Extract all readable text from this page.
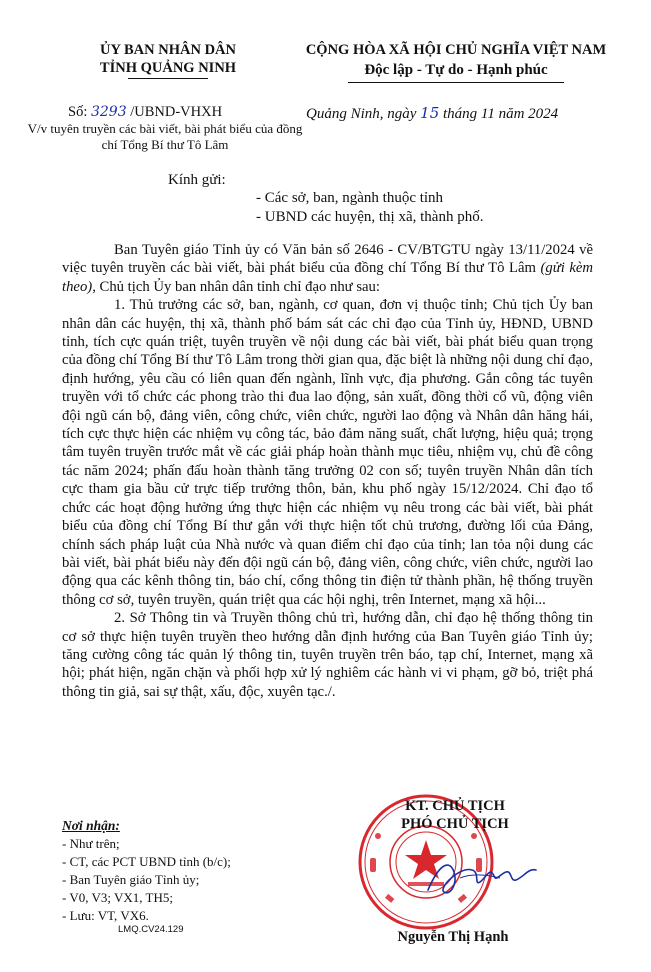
ỦY BAN NHÂN DÂN
TỈNH QUẢNG NINH
CỘNG HÒA XÃ HỘI CHỦ NGHĨA VIỆT NAM
Độc lập - Tự do - Hạnh phúc
Số: 3293 /UBND-VHXH
V/v tuyên truyền các bài viết, bài phát biểu của đồng chí Tổng Bí thư Tô Lâm
Quảng Ninh, ngày 15 tháng 11 năm 2024
Kính gửi:
- Các sở, ban, ngành thuộc tỉnh
- UBND các huyện, thị xã, thành phố.

Ban Tuyên giáo Tỉnh ủy có Văn bản số 2646 - CV/BTGTU ngày 13/11/2024 về việc tuyên truyền các bài viết, bài phát biểu của đồng chí Tổng Bí thư Tô Lâm (gửi kèm theo), Chủ tịch Ủy ban nhân dân tỉnh chỉ đạo như sau:

1. Thủ trưởng các sở, ban, ngành, cơ quan, đơn vị thuộc tỉnh; Chủ tịch Ủy ban nhân dân các huyện, thị xã, thành phố bám sát các chỉ đạo của Tỉnh ủy, HĐND, UBND tỉnh, tích cực quán triệt, tuyên truyền về nội dung các bài viết, bài phát biểu quan trọng của đồng chí Tổng Bí thư Tô Lâm trong thời gian qua, đặc biệt là những nội dung chỉ đạo, định hướng, yêu cầu có liên quan đến ngành, lĩnh vực, địa phương. Gắn công tác tuyên truyền với tổ chức các phong trào thi đua lao động, sản xuất, đồng thời cổ vũ, động viên đội ngũ cán bộ, đảng viên, công chức, viên chức, người lao động và Nhân dân hăng hái, tích cực thực hiện các nhiệm vụ công tác, bảo đảm năng suất, chất lượng, hiệu quả; trọng tâm tuyên truyền trước mắt về các giải pháp hoàn thành mục tiêu, nhiệm vụ, chủ đề công tác năm 2024; phấn đấu hoàn thành tăng trưởng 02 con số; tuyên truyền Nhân dân tích cực tham gia bầu cử trực tiếp trưởng thôn, bản, khu phố ngày 15/12/2024. Chỉ đạo tổ chức các hoạt động hưởng ứng thực hiện các nhiệm vụ nêu trong các bài viết, bài phát biểu của đồng chí Tổng Bí thư gắn với thực hiện tốt chủ trương, đường lối của Đảng, chính sách pháp luật của Nhà nước và quan điểm chỉ đạo của tỉnh; lan tỏa nội dung các bài viết, bài phát biểu này đến đội ngũ cán bộ, đảng viên, công chức, viên chức, người lao động qua các kênh thông tin, báo chí, cổng thông tin điện tử thành phần, hệ thống truyền thông cơ sở, tuyên truyền, quán triệt qua các hội nghị, trên Internet, mạng xã hội...

2. Sở Thông tin và Truyền thông chủ trì, hướng dẫn, chỉ đạo hệ thống thông tin cơ sở thực hiện tuyên truyền theo hướng dẫn định hướng của Ban Tuyên giáo Tỉnh ủy; tăng cường công tác quản lý thông tin, tuyên truyền trên báo, tạp chí, Internet, mạng xã hội; phát hiện, ngăn chặn và phối hợp xử lý nghiêm các hành vi vi phạm, gỡ bỏ, triệt phá thông tin giả, sai sự thật, xấu, độc, xuyên tạc./.

Nơi nhận:
- Như trên;
- CT, các PCT UBND tỉnh (b/c);
- Ban Tuyên giáo Tỉnh ủy;
- V0, V3; VX1, TH5;
- Lưu: VT, VX6.
LMQ.CV24.129
KT. CHỦ TỊCH
PHÓ CHỦ TỊCH
Nguyễn Thị Hạnh
